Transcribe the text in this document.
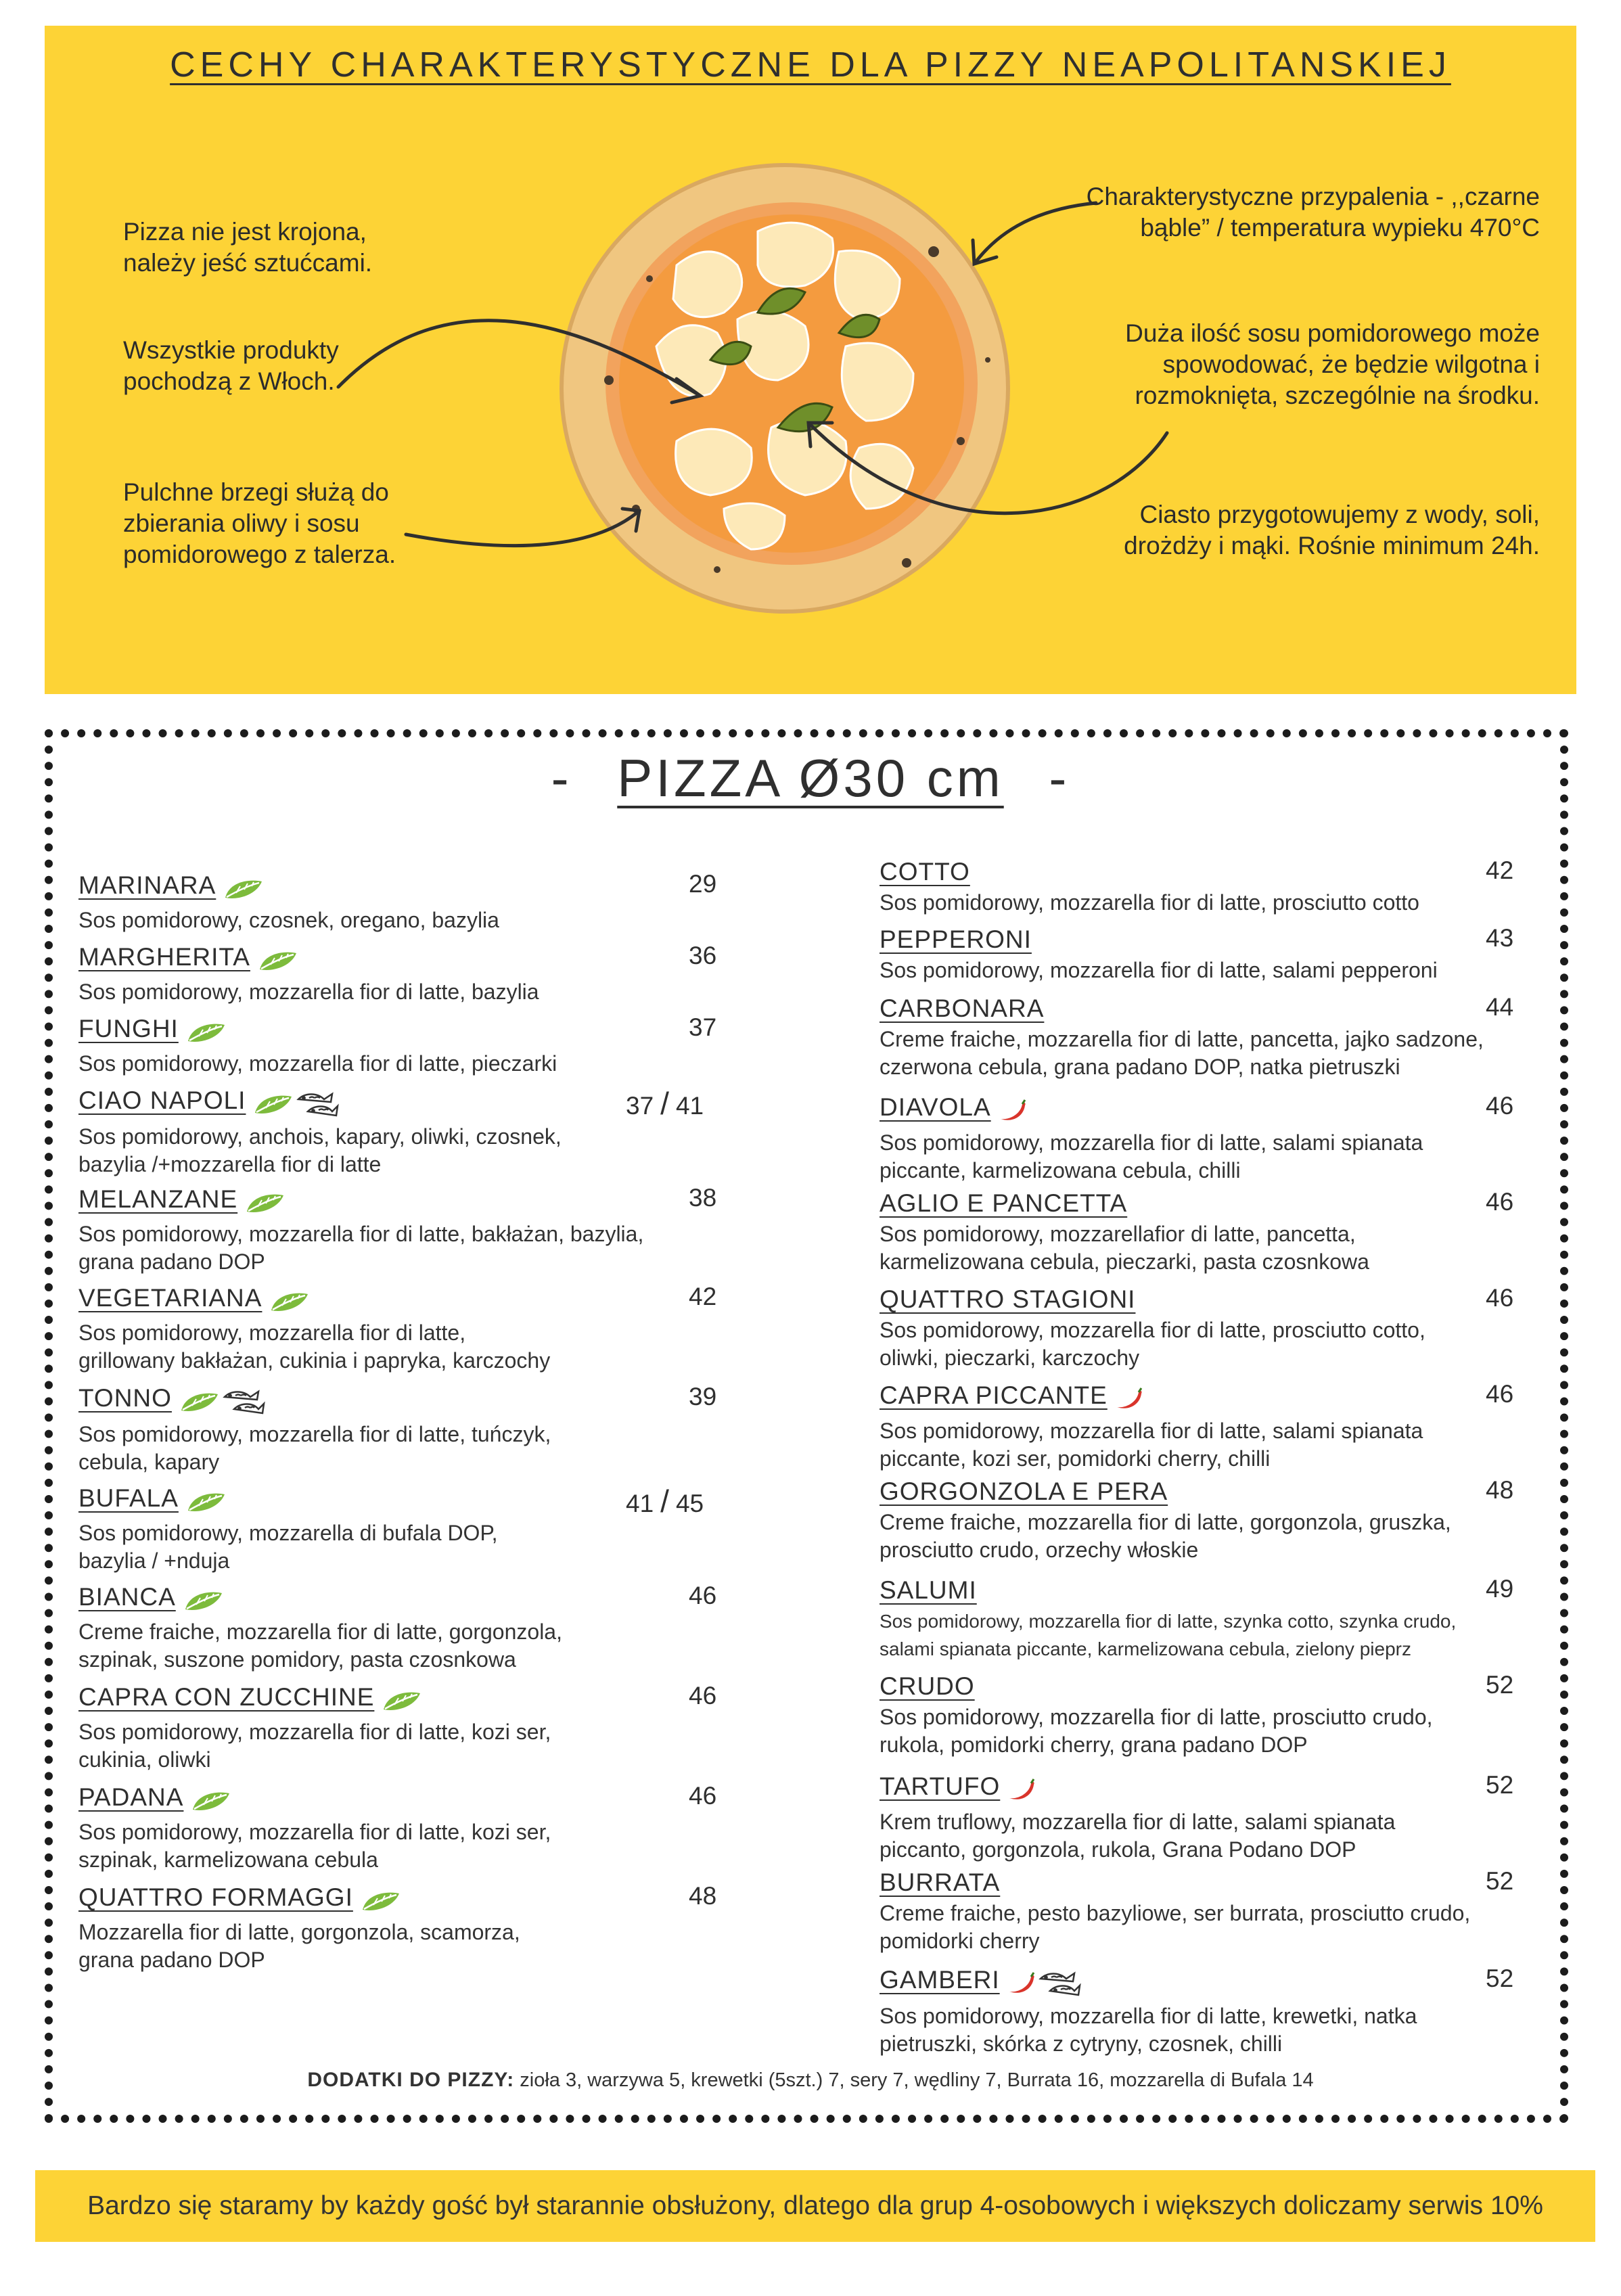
CECHY CHARAKTERYSTYCZNE DLA PIZZY NEAPOLITANSKIEJ
Pizza nie jest krojona,
należy jeść sztućcami.
Wszystkie produkty
pochodzą z Włoch.
Pulchne brzegi służą do
zbierania oliwy i sosu
pomidorowego z talerza.
Charakterystyczne przypalenia - ,,czarne
bąble” / temperatura wypieku 470°C
Duża ilość sosu pomidorowego może
spowodować, że będzie wilgotna i
rozmoknięta, szczególnie na środku.
Ciasto przygotowujemy z wody, soli,
drożdży i mąki. Rośnie minimum 24h.
- PIZZA Ø30 cm -
MARINARA
Sos pomidorowy, czosnek, oregano, bazylia
29
MARGHERITA
Sos pomidorowy, mozzarella fior di latte, bazylia
36
FUNGHI
Sos pomidorowy, mozzarella fior di latte, pieczarki
37
CIAO NAPOLI
Sos pomidorowy, anchois, kapary, oliwki, czosnek,
bazylia /+mozzarella fior di latte
37 / 41
MELANZANE
Sos pomidorowy, mozzarella fior di latte, bakłażan, bazylia,
grana padano DOP
38
VEGETARIANA
Sos pomidorowy, mozzarella fior di latte,
grillowany bakłażan, cukinia i papryka, karczochy
42
TONNO
Sos pomidorowy, mozzarella fior di latte, tuńczyk,
cebula, kapary
39
BUFALA
Sos pomidorowy, mozzarella di bufala DOP,
bazylia / +nduja
41 / 45
BIANCA
Creme fraiche, mozzarella fior di latte, gorgonzola,
szpinak, suszone pomidory, pasta czosnkowa
46
CAPRA CON ZUCCHINE
Sos pomidorowy, mozzarella fior di latte, kozi ser,
cukinia, oliwki
46
PADANA
Sos pomidorowy, mozzarella fior di latte, kozi ser,
szpinak, karmelizowana cebula
46
QUATTRO FORMAGGI
Mozzarella fior di latte, gorgonzola, scamorza,
grana padano DOP
48
COTTO
Sos pomidorowy, mozzarella fior di latte, prosciutto cotto
42
PEPPERONI
Sos pomidorowy, mozzarella fior di latte, salami pepperoni
43
CARBONARA
Creme fraiche, mozzarella fior di latte, pancetta, jajko sadzone,
czerwona cebula, grana padano DOP, natka pietruszki
44
DIAVOLA
Sos pomidorowy, mozzarella fior di latte, salami spianata
piccante, karmelizowana cebula, chilli
46
AGLIO E PANCETTA
Sos pomidorowy, mozzarellafior di latte, pancetta,
karmelizowana cebula, pieczarki, pasta czosnkowa
46
QUATTRO STAGIONI
Sos pomidorowy, mozzarella fior di latte, prosciutto cotto,
oliwki, pieczarki, karczochy
46
CAPRA PICCANTE
Sos pomidorowy, mozzarella fior di latte, salami spianata
piccante, kozi ser, pomidorki cherry, chilli
46
GORGONZOLA E PERA
Creme fraiche, mozzarella fior di latte, gorgonzola, gruszka,
prosciutto crudo, orzechy włoskie
48
SALUMI
Sos pomidorowy, mozzarella fior di latte, szynka cotto, szynka crudo,
salami spianata piccante, karmelizowana cebula, zielony pieprz
49
CRUDO
Sos pomidorowy, mozzarella fior di latte, prosciutto crudo,
rukola, pomidorki cherry, grana padano DOP
52
TARTUFO
Krem truflowy, mozzarella fior di latte, salami spianata
piccanto, gorgonzola, rukola, Grana Podano DOP
52
BURRATA
Creme fraiche, pesto bazyliowe, ser burrata, prosciutto crudo,
pomidorki cherry
52
GAMBERI
Sos pomidorowy, mozzarella fior di latte, krewetki, natka
pietruszki, skórka z cytryny, czosnek, chilli
52
DODATKI DO PIZZY: zioła 3, warzywa 5, krewetki (5szt.) 7, sery 7, wędliny 7, Burrata 16, mozzarella di Bufala 14
Bardzo się staramy by każdy gość był starannie obsłużony, dlatego dla grup 4-osobowych i większych doliczamy serwis 10%
